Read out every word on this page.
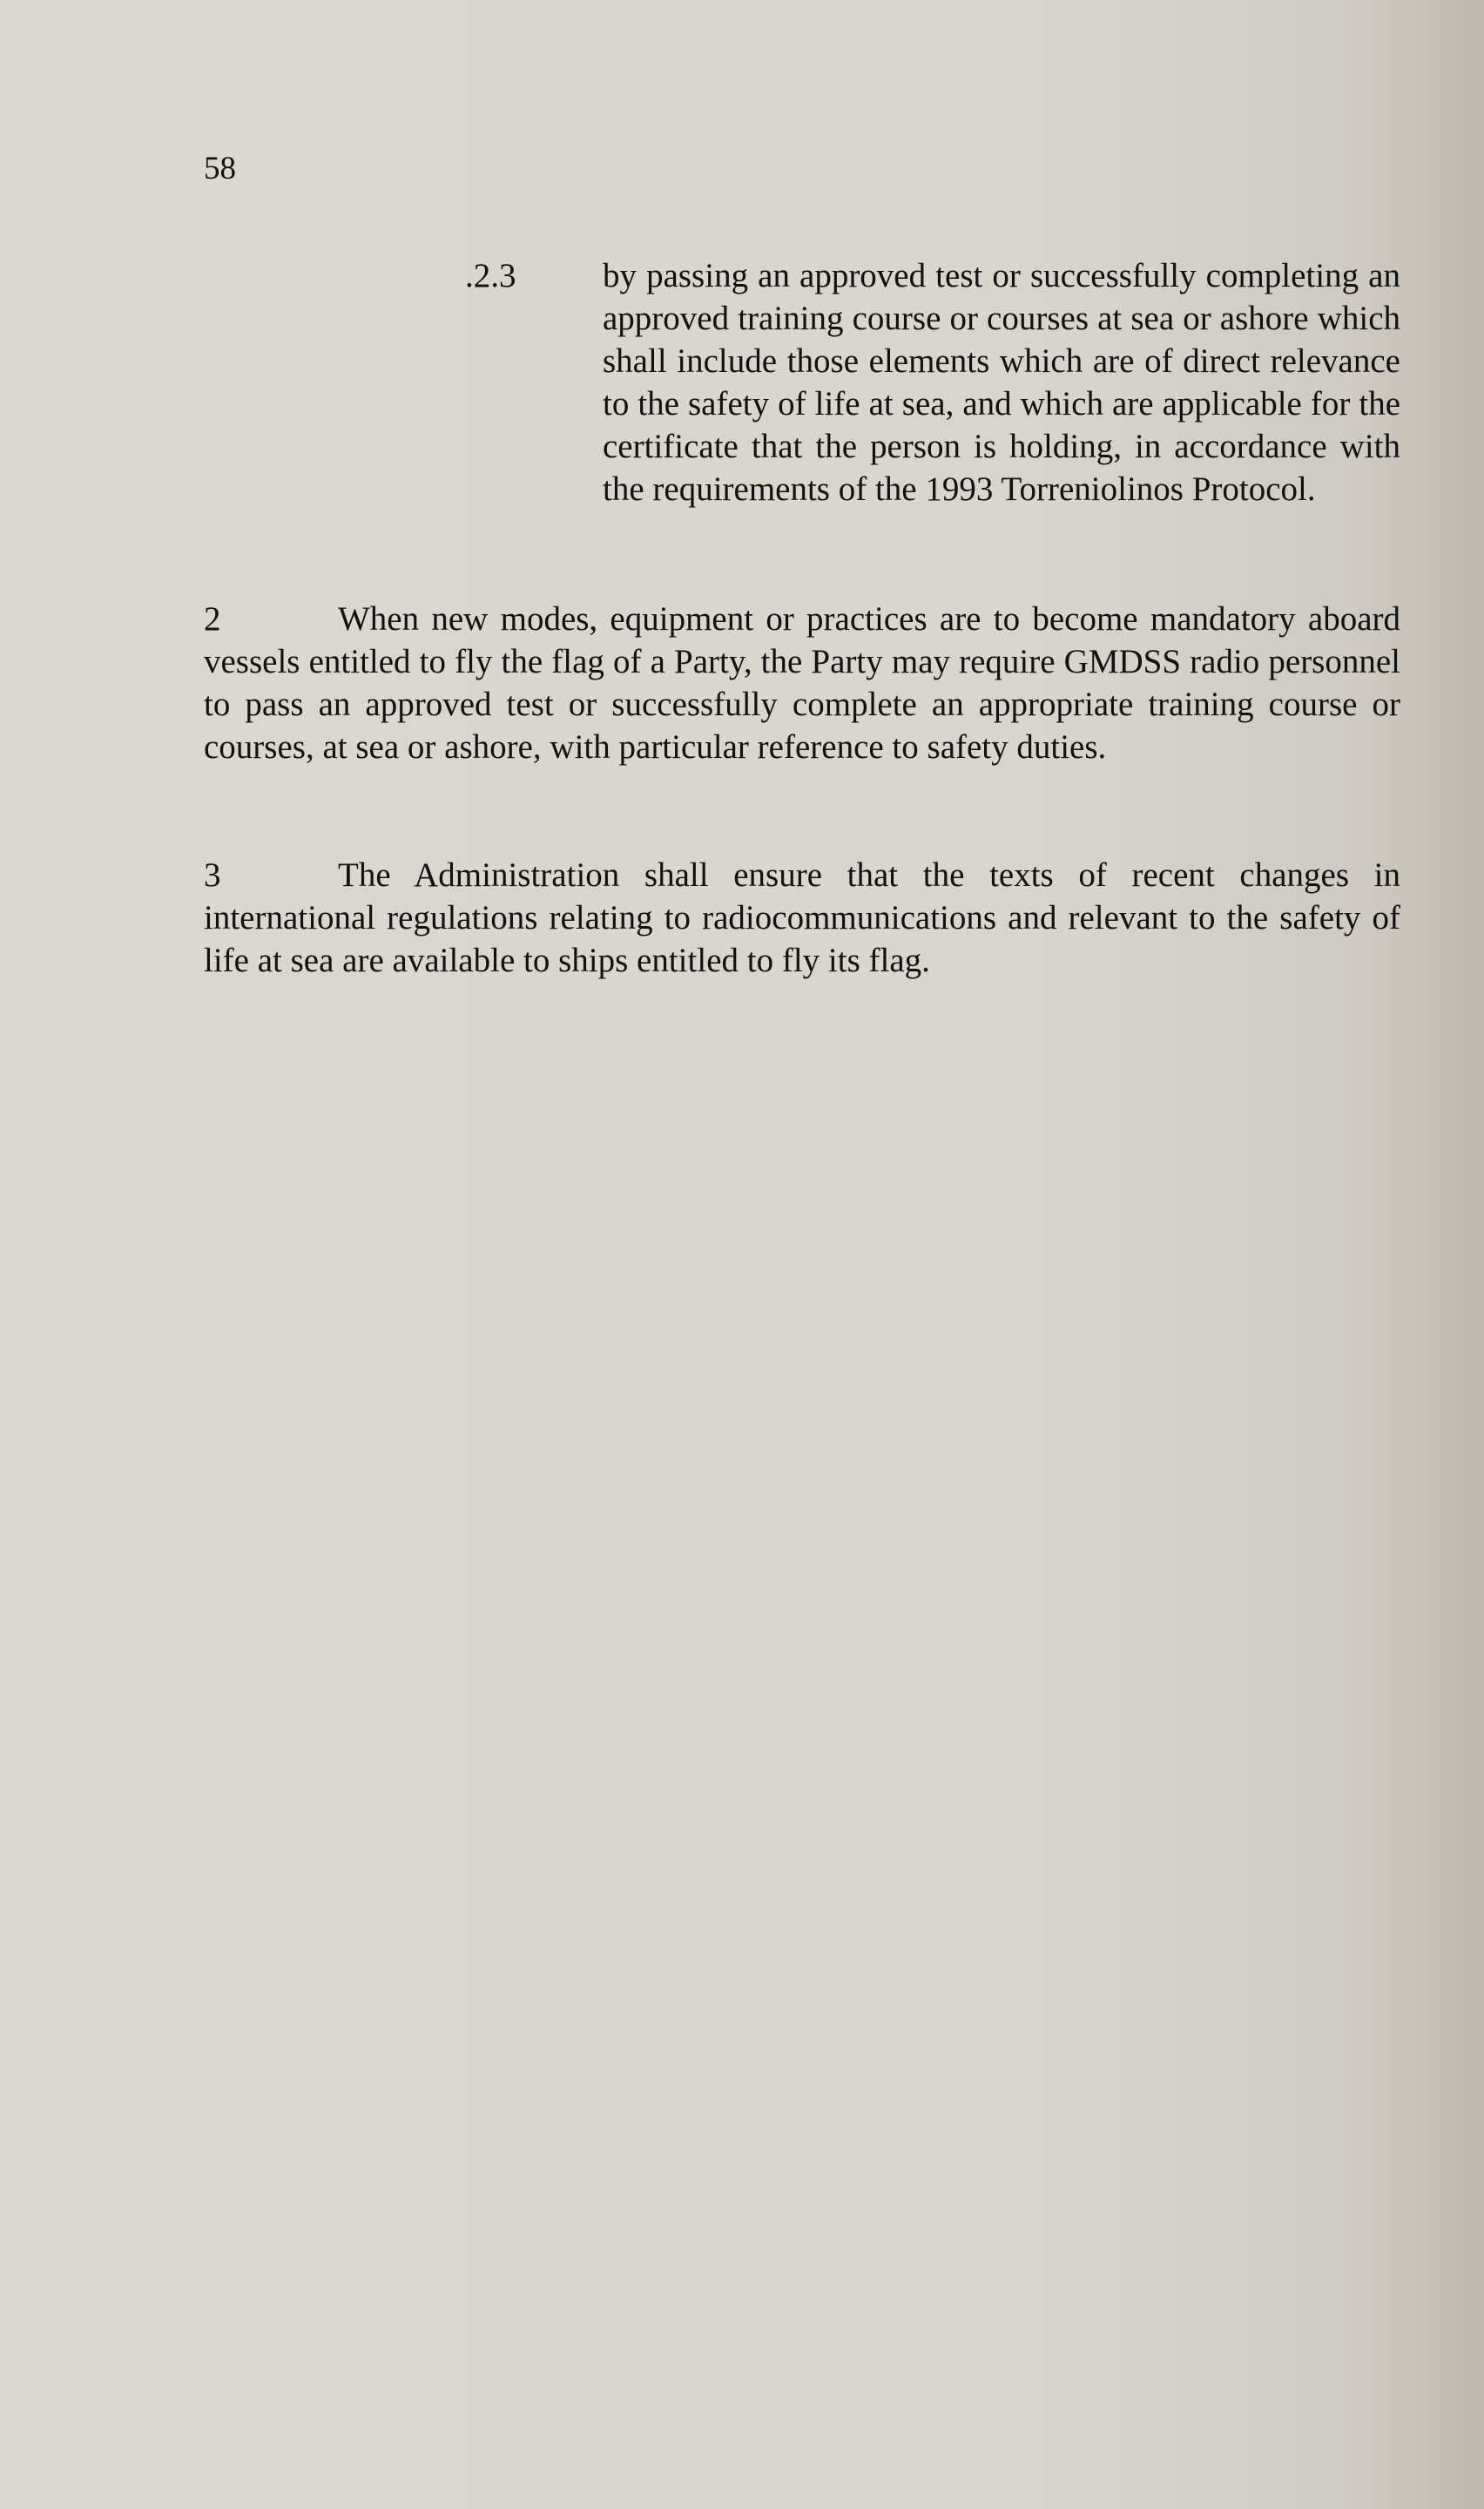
58
.2.3	by passing an approved test or successfully completing an approved training course or courses at sea or ashore which shall include those elements which are of direct relevance to the safety of life at sea, and which are applicable for the certificate that the person is holding, in accordance with the requirements of the 1993 Torreniolinos Protocol.
2	When new modes, equipment or practices are to become mandatory aboard vessels entitled to fly the flag of a Party, the Party may require GMDSS radio personnel to pass an approved test or successfully complete an appropriate training course or courses, at sea or ashore, with particular reference to safety duties.
3	The Administration shall ensure that the texts of recent changes in international regulations relating to radiocommunications and relevant to the safety of life at sea are available to ships entitled to fly its flag.
